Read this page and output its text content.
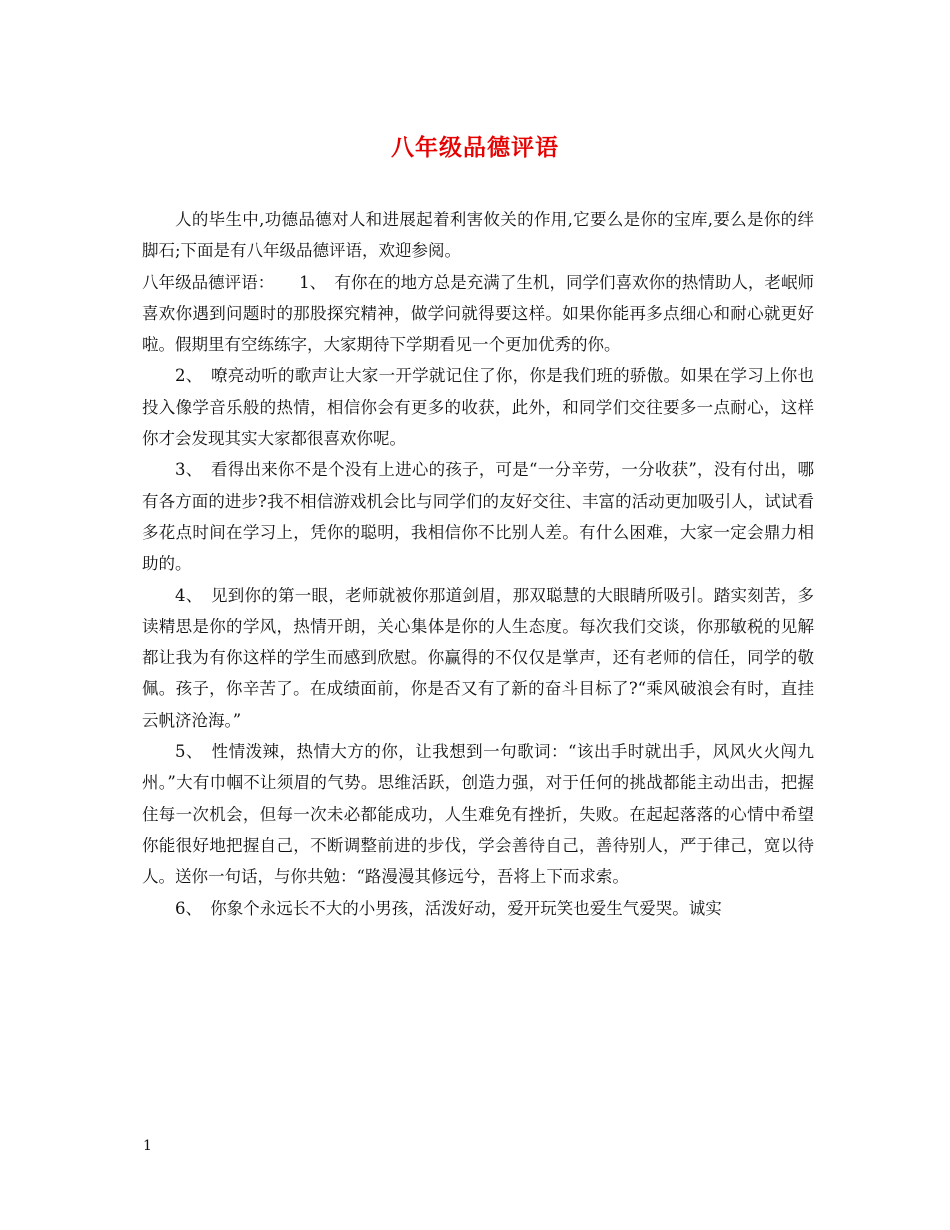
八年级品德评语

人的毕生中,功德品德对人和进展起着利害攸关的作用,它要么是你的宝库,要么是你的绊脚石;下面是有八年级品德评语，欢迎参阅。

八年级品德评语：　　1、　有你在的地方总是充满了生机，同学们喜欢你的热情助人，老岷师喜欢你遇到问题时的那股探究精神，做学问就得要这样。如果你能再多点细心和耐心就更好啦。假期里有空练练字，大家期待下学期看见一个更加优秀的你。

2、　嘹亮动听的歌声让大家一开学就记住了你，你是我们班的骄傲。如果在学习上你也投入像学音乐般的热情，相信你会有更多的收获，此外，和同学们交往要多一点耐心，这样你才会发现其实大家都很喜欢你呢。

3、　看得出来你不是个没有上进心的孩子，可是“一分辛劳，一分收获”，没有付出，哪有各方面的进步?我不相信游戏机会比与同学们的友好交往、丰富的活动更加吸引人，试试看多花点时间在学习上，凭你的聪明，我相信你不比别人差。有什么困难，大家一定会鼎力相助的。

4、　见到你的第一眼，老师就被你那道剑眉，那双聪慧的大眼睛所吸引。踏实刻苦，多读精思是你的学风，热情开朗，关心集体是你的人生态度。每次我们交谈，你那敏税的见解都让我为有你这样的学生而感到欣慰。你赢得的不仅仅是掌声，还有老师的信任，同学的敬佩。孩子，你辛苦了。在成绩面前，你是否又有了新的奋斗目标了?“乘风破浪会有时，直挂云帆济沧海。”

5、　性情泼辣，热情大方的你，让我想到一句歌词：“该出手时就出手，风风火火闯九州。”大有巾帼不让须眉的气势。思维活跃，创造力强，对于任何的挑战都能主动出击，把握住每一次机会，但每一次未必都能成功，人生难免有挫折，失败。在起起落落的心情中希望你能很好地把握自己，不断调整前进的步伐，学会善待自己，善待别人，严于律己，宽以待人。送你一句话，与你共勉：“路漫漫其修远兮，吾将上下而求索。

6、　你象个永远长不大的小男孩，活泼好动，爱开玩笑也爱生气爱哭。诚实

1
